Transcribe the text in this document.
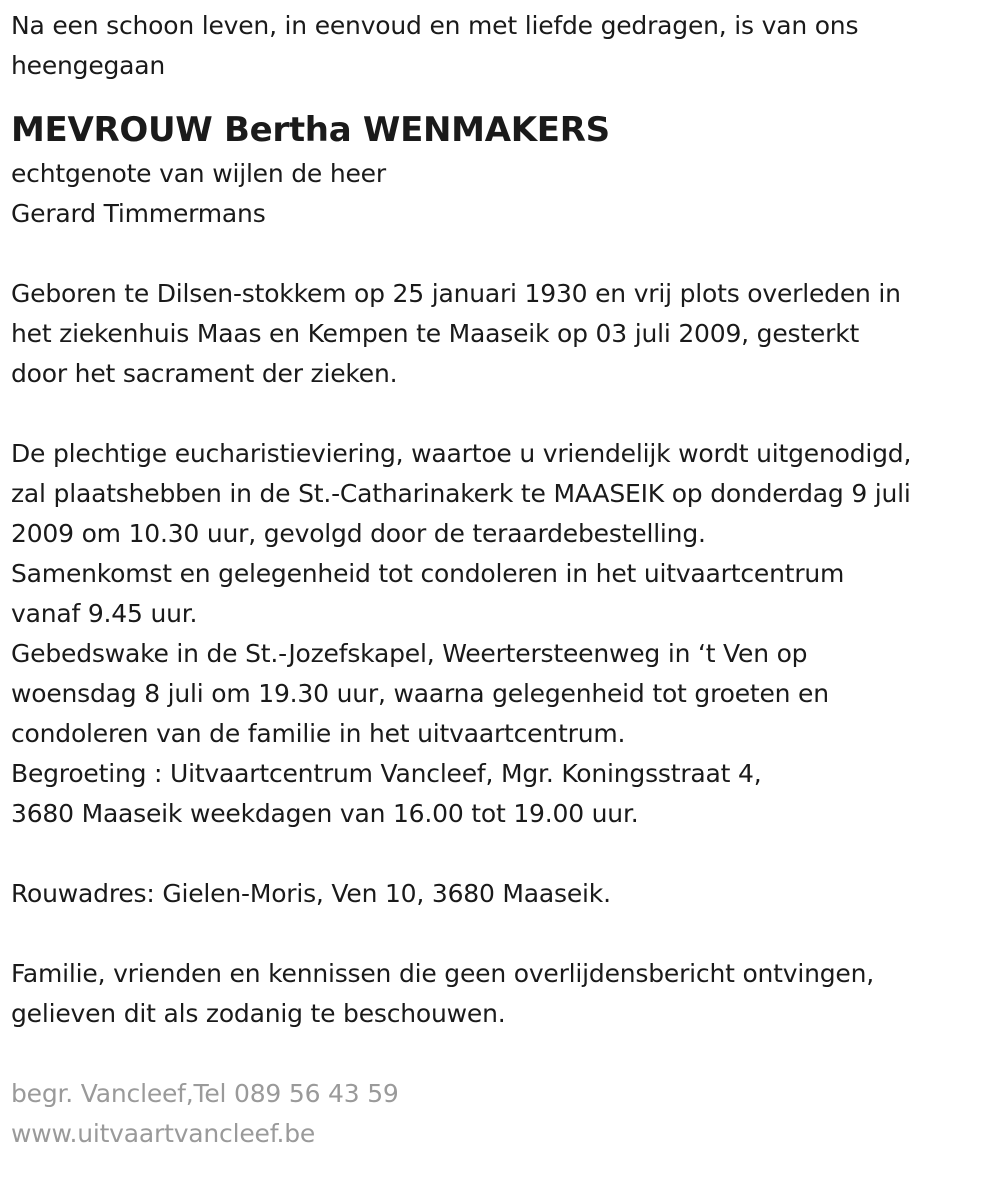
Na een schoon leven, in eenvoud en met liefde gedragen, is van ons
heengegaan
MEVROUW Bertha WENMAKERS
echtgenote van wijlen de heer
Gerard Timmermans
Geboren te Dilsen-stokkem op 25 januari 1930 en vrij plots overleden in
het ziekenhuis Maas en Kempen te Maaseik op 03 juli 2009, gesterkt
door het sacrament der zieken.
De plechtige eucharistieviering, waartoe u vriendelijk wordt uitgenodigd,
zal plaatshebben in de St.-Catharinakerk te MAASEIK op donderdag 9 juli
2009 om 10.30 uur, gevolgd door de teraardebestelling.
Samenkomst en gelegenheid tot condoleren in het uitvaartcentrum
vanaf 9.45 uur.
Gebedswake in de St.-Jozefskapel, Weertersteenweg in ‘t Ven op
woensdag 8 juli om 19.30 uur, waarna gelegenheid tot groeten en
condoleren van de familie in het uitvaartcentrum.
Begroeting : Uitvaartcentrum Vancleef, Mgr. Koningsstraat 4,
3680 Maaseik weekdagen van 16.00 tot 19.00 uur.
Rouwadres: Gielen-Moris, Ven 10, 3680 Maaseik.
Familie, vrienden en kennissen die geen overlijdensbericht ontvingen,
gelieven dit als zodanig te beschouwen.
begr. Vancleef,Tel 089 56 43 59
www.uitvaartvancleef.be
